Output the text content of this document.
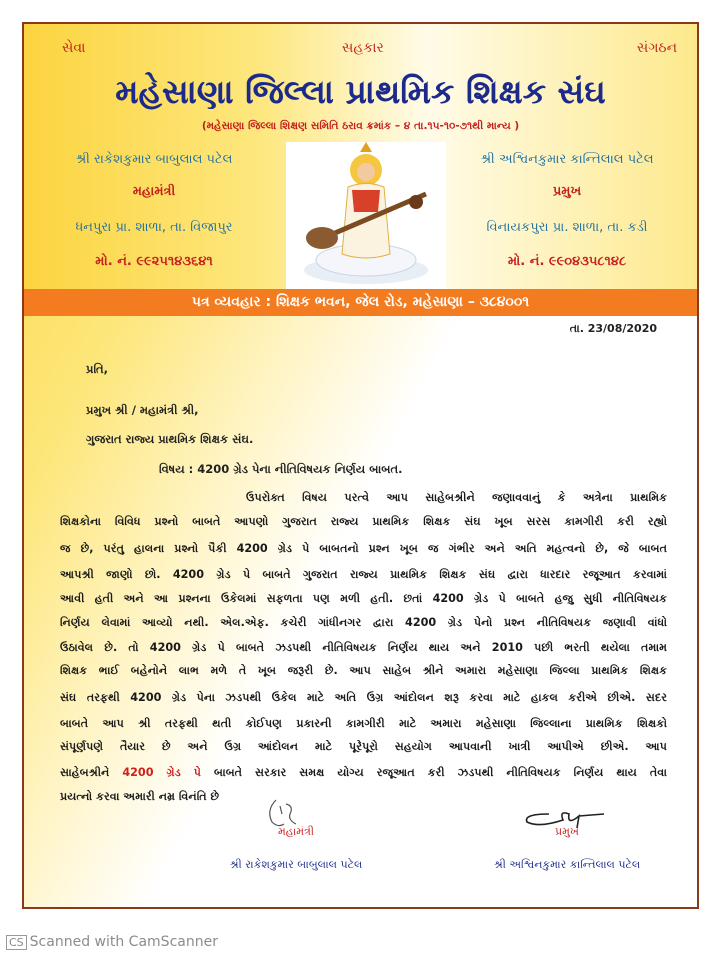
સેવા	સહકાર	સંગઠન
મહેસાણા જિલ્લા પ્રાથમિક શિક્ષક સંઘ
(મહેસાણા જિલ્લા શિક્ષણ સમિતિ ઠરાવ ક્રમાંક – ૪ તા.૧૫-૧૦-૭૧થી માન્ય )
શ્રી રાકેશકુમાર બાબુલાલ પટેલ
મહામંત્રી
ધનપુરા પ્રા. શાળા, તા. વિજાપુર
મો. નં. ૯૯૨૫૧૪૩૬૪૧
શ્રી અશ્વિનકુમાર કાન્તિલાલ પટેલ
પ્રમુખ
વિનાયકપુરા પ્રા. શાળા, તા. કડી
મો. નં. ૯૯૦૪૩૫૮૧૪૮
પત્ર વ્યવહાર : શિક્ષક ભવન, જેલ રોડ, મહેસાણા – ૩૮૪૦૦૧
તા. 23/08/2020
પ્રતિ,
પ્રમુખ શ્રી / મહામંત્રી શ્રી,
ગુજરાત રાજ્ય પ્રાથમિક શિક્ષક સંઘ.
વિષય : 4200 ગ્રેડ પેના નીતિવિષયક નિર્ણય બાબત.
ઉપરોક્ત વિષય પરત્વે આપ સાહેબશ્રીને જણાવવાનું કે અત્રેના પ્રાથમિક
શિક્ષકોના વિવિધ પ્રશ્નો બાબતે આપણો ગુજરાત રાજ્ય પ્રાથમિક શિક્ષક સંઘ ખૂબ સરસ કામગીરી કરી રહ્યો
જ છે, પરંતુ હાલના પ્રશ્નો પૈકી 4200 ગ્રેડ પે બાબતનો પ્રશ્ન ખૂબ જ ગંભીર અને અતિ મહત્વનો છે, જે બાબત
આપશ્રી જાણો છો. 4200 ગ્રેડ પે બાબતે ગુજરાત રાજ્ય પ્રાથમિક શિક્ષક સંઘ દ્વારા ધારદાર રજૂઆત કરવામાં
આવી હતી અને આ પ્રશ્નના ઉકેલમાં સફળતા પણ મળી હતી. છતાં 4200 ગ્રેડ પે બાબતે હજુ સુધી નીતિવિષયક
નિર્ણય લેવામાં આવ્યો નથી. એલ.એફ. કચેરી ગાંધીનગર દ્વારા 4200 ગ્રેડ પેનો પ્રશ્ન નીતિવિષયક જણાવી વાંધો
ઉઠાવેલ છે. તો 4200 ગ્રેડ પે બાબતે ઝડપથી નીતિવિષયક નિર્ણય થાય અને 2010 પછી ભરતી થયેલા તમામ
શિક્ષક ભાઈ બહેનોને લાભ મળે તે ખૂબ જરૂરી છે. આપ સાહેબ શ્રીને અમારા મહેસાણા જિલ્લા પ્રાથમિક શિક્ષક
સંઘ તરફથી 4200 ગ્રેડ પેના ઝડપથી ઉકેલ માટે અતિ ઉગ્ર આંદોલન શરૂ કરવા માટે હાકલ કરીએ છીએ. સદર
બાબતે આપ શ્રી તરફથી થતી કોઈપણ પ્રકારની કામગીરી માટે અમારા મહેસાણા જિલ્લાના પ્રાથમિક શિક્ષકો
સંપૂર્ણપણે તૈયાર છે અને ઉગ્ર આંદોલન માટે પૂરેપૂરો સહયોગ આપવાની ખાત્રી આપીએ છીએ. આપ
સાહેબશ્રીને 4200 ગ્રેડ પે બાબતે સરકાર સમક્ષ યોગ્ય રજૂઆત કરી ઝડપથી નીતિવિષયક નિર્ણય થાય તેવા
પ્રયત્નો કરવા અમારી નમ્ર વિનંતિ છે
મહામંત્રી	પ્રમુખ
શ્રી રાકેશકુમાર બાબુલાલ પટેલ	શ્રી અશ્વિનકુમાર કાન્તિલાલ પટેલ
CS Scanned with CamScanner
